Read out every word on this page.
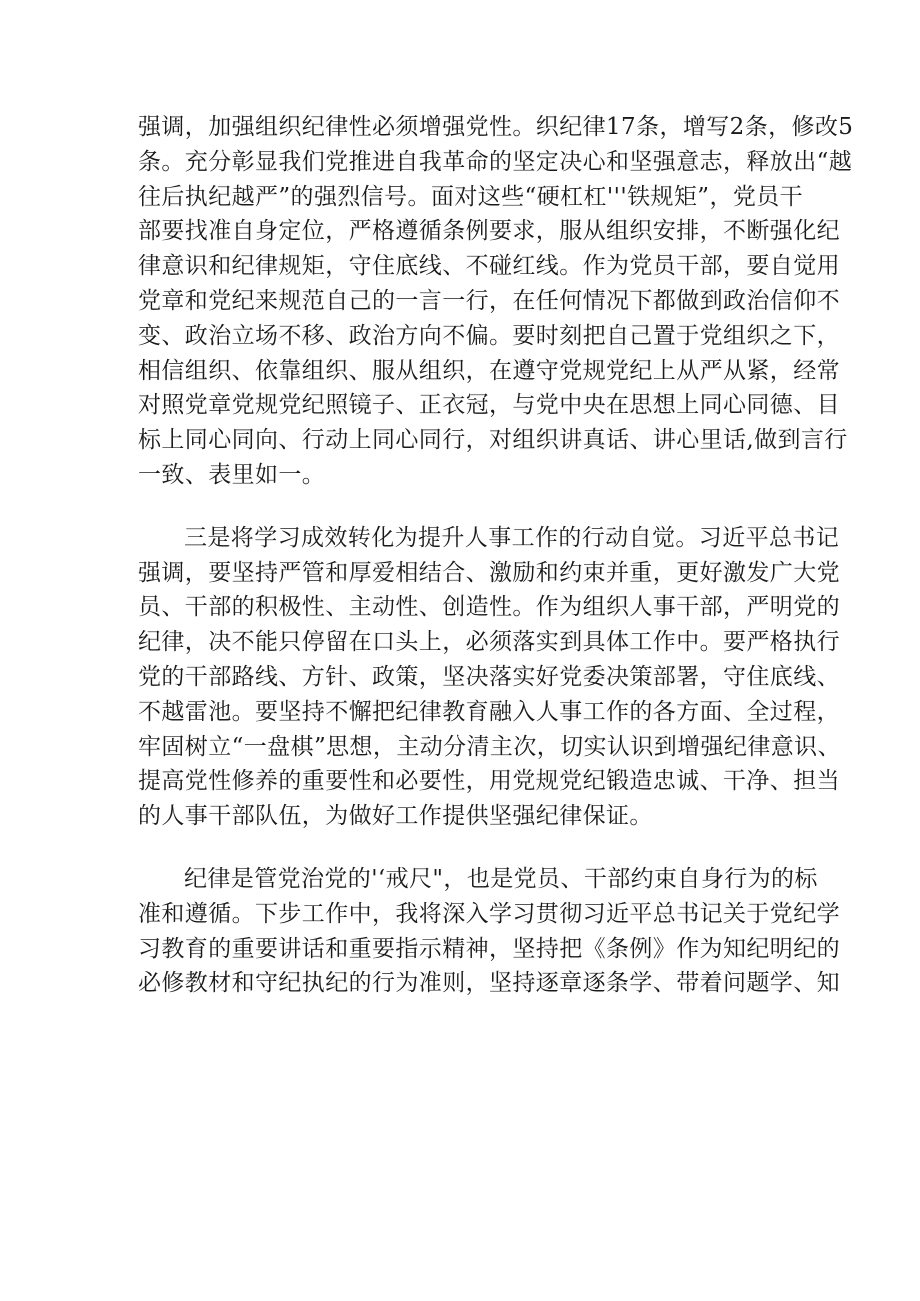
强调，加强组织纪律性必须增强党性。织纪律17条，增写2条，修改5
条。充分彰显我们党推进自我革命的坚定决心和坚强意志，释放出“越
往后执纪越严”的强烈信号。面对这些“硬杠杠'''铁规矩”，党员干
部要找准自身定位，严格遵循条例要求，服从组织安排，不断强化纪
律意识和纪律规矩，守住底线、不碰红线。作为党员干部，要自觉用
党章和党纪来规范自己的一言一行，在任何情况下都做到政治信仰不
变、政治立场不移、政治方向不偏。要时刻把自己置于党组织之下，
相信组织、依靠组织、服从组织，在遵守党规党纪上从严从紧，经常
对照党章党规党纪照镜子、正衣冠，与党中央在思想上同心同德、目
标上同心同向、行动上同心同行，对组织讲真话、讲心里话,做到言行
一致、表里如一。

三是将学习成效转化为提升人事工作的行动自觉。习近平总书记
强调，要坚持严管和厚爱相结合、激励和约束并重，更好激发广大党
员、干部的积极性、主动性、创造性。作为组织人事干部，严明党的
纪律，决不能只停留在口头上，必须落实到具体工作中。要严格执行
党的干部路线、方针、政策，坚决落实好党委决策部署，守住底线、
不越雷池。要坚持不懈把纪律教育融入人事工作的各方面、全过程，
牢固树立“一盘棋”思想，主动分清主次，切实认识到增强纪律意识、
提高党性修养的重要性和必要性，用党规党纪锻造忠诚、干净、担当
的人事干部队伍，为做好工作提供坚强纪律保证。

纪律是管党治党的'‘戒尺"，也是党员、干部约束自身行为的标
准和遵循。下步工作中，我将深入学习贯彻习近平总书记关于党纪学
习教育的重要讲话和重要指示精神，坚持把《条例》作为知纪明纪的
必修教材和守纪执纪的行为准则，坚持逐章逐条学、带着问题学、知
